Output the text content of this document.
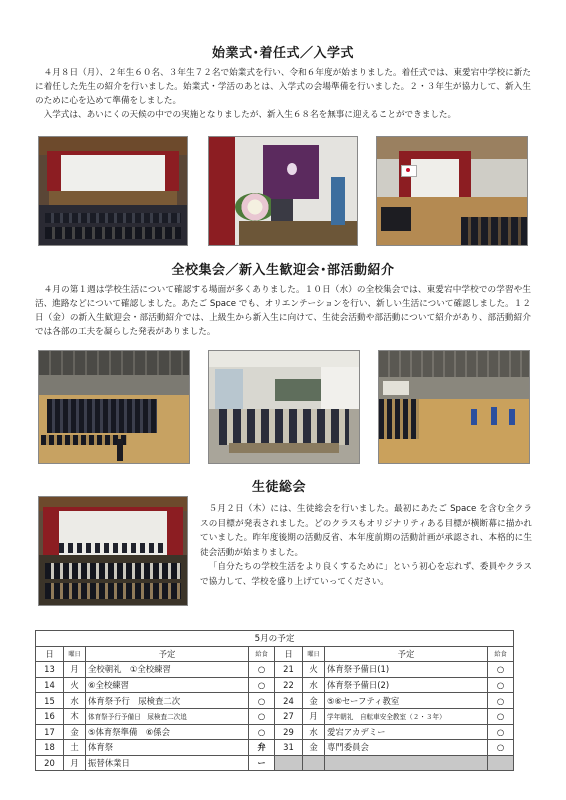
始業式･着任式／入学式

４月８日（月）、２年生６０名、３年生７２名で始業式を行い、令和６年度が始まりました。着任式では、東愛宕中学校に新たに着任した先生の紹介を行いました。始業式・学活のあとは、入学式の会場準備を行いました。２・３年生が協力して、新入生のために心を込めて準備をしました。

入学式は、あいにくの天候の中での実施となりましたが、新入生６８名を無事に迎えることができました。

全校集会／新入生歓迎会･部活動紹介

４月の第１週は学校生活について確認する場面が多くありました。１０日（水）の全校集会では、東愛宕中学校での学習や生活、進路などについて確認しました。あたご Space でも、オリエンテーションを行い、新しい生活について確認しました。１２日（金）の新入生歓迎会・部活動紹介では、上級生から新入生に向けて、生徒会活動や部活動について紹介があり、部活動紹介では各部の工夫を凝らした発表がありました。

生徒総会

５月２日（木）には、生徒総会を行いました。最初にあたご Space を含む全クラスの目標が発表されました。どのクラスもオリジナリティある目標が横断幕に描かれていました。昨年度後期の活動反省、本年度前期の活動計画が承認され、本格的に生徒会活動が始まりました。

「自分たちの学校生活をより良くするために」という初心を忘れず、委員やクラスで協力して、学校を盛り上げていってください。

5月の予定							
日	曜日	予定	給食	日	曜日	予定	給食
13	月	全校朝礼　①全校練習	○	21	火	体育祭予備日(1)	○
14	火	⑥全校練習	○	22	水	体育祭予備日(2)	○
15	水	体育祭予行　尿検査二次	○	24	金	⑤⑥セーフティ教室	○
16	木	体育祭予行予備日　尿検査二次追	○	27	月	学年朝礼　自転車安全教室（２・３年）	○
17	金	⑤体育祭準備　⑥係会	○	29	水	愛宕アカデミー	○
18	土	体育祭	弁	31	金	専門委員会	○
20	月	振替休業日	ー				
